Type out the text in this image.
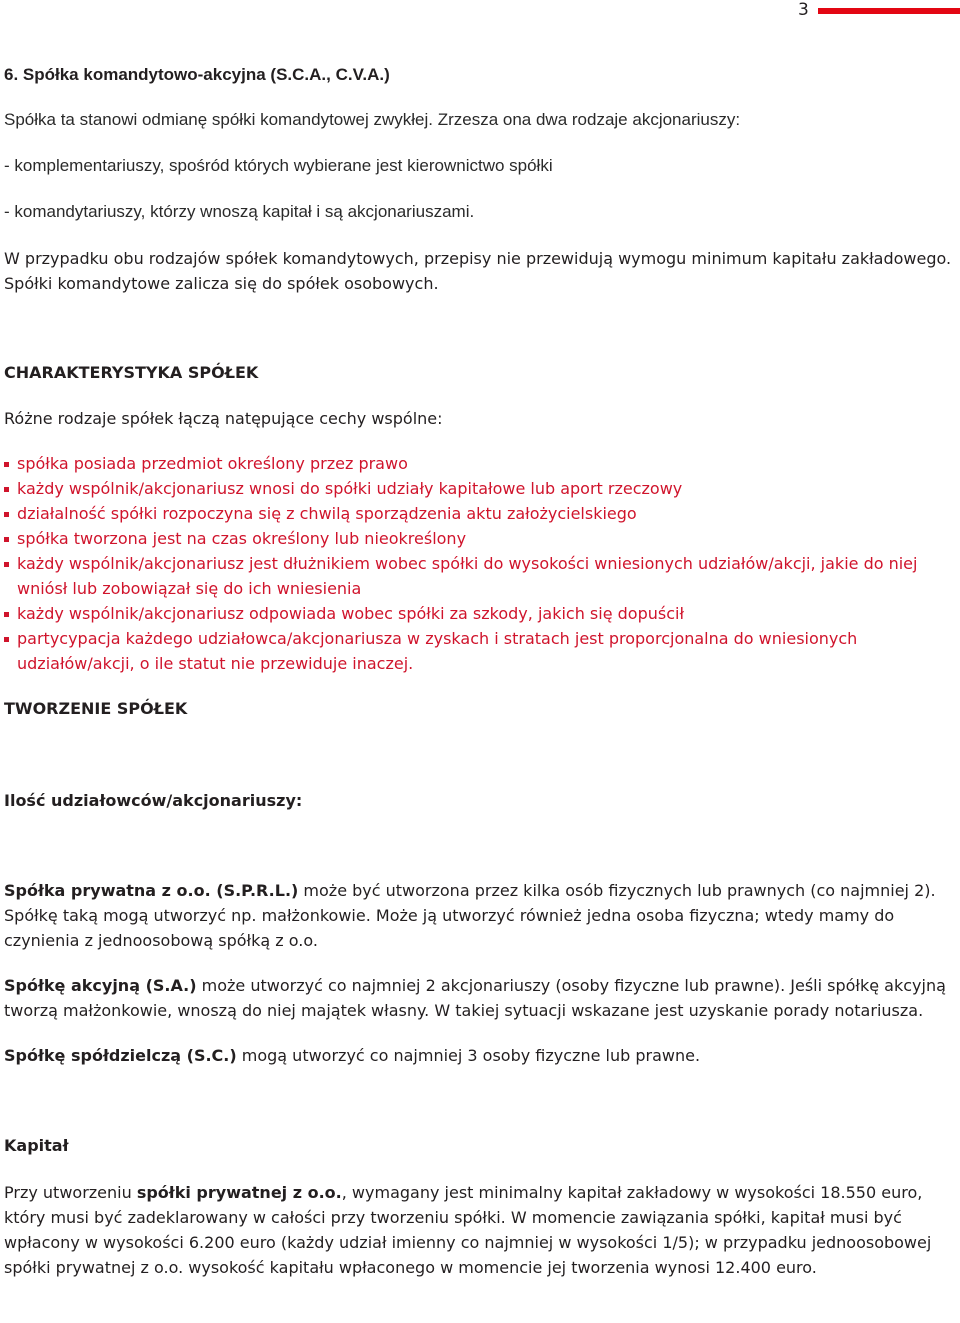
3

6. Spółka komandytowo-akcyjna (S.C.A., C.V.A.)

Spółka ta stanowi odmianę spółki komandytowej zwykłej. Zrzesza ona dwa rodzaje akcjonariuszy:

- komplementariuszy, spośród których wybierane jest kierownictwo spółki

- komandytariuszy, którzy wnoszą kapitał i są akcjonariuszami.

W przypadku obu rodzajów spółek komandytowych, przepisy nie przewidują wymogu minimum kapitału zakładowego. Spółki komandytowe zalicza się do spółek osobowych.

CHARAKTERYSTYKA SPÓŁEK

Różne rodzaje spółek łączą natępujące cechy wspólne:

spółka posiada przedmiot określony przez prawo
każdy wspólnik/akcjonariusz wnosi do spółki udziały kapitałowe lub aport rzeczowy
działalność spółki rozpoczyna się z chwilą sporządzenia aktu założycielskiego
spółka tworzona jest na czas określony lub nieokreślony
każdy wspólnik/akcjonariusz jest dłużnikiem wobec spółki do wysokości wniesionych udziałów/akcji, jakie do niej wniósł lub zobowiązał się do ich wniesienia
każdy wspólnik/akcjonariusz odpowiada wobec spółki za szkody, jakich się dopuścił
partycypacja każdego udziałowca/akcjonariusza w zyskach i stratach jest proporcjonalna do wniesionych udziałów/akcji, o ile statut nie przewiduje inaczej.

TWORZENIE SPÓŁEK

Ilość udziałowców/akcjonariuszy:

Spółka prywatna z o.o. (S.P.R.L.) może być utworzona przez kilka osób fizycznych lub prawnych (co najmniej 2). Spółkę taką mogą utworzyć np. małżonkowie. Może ją utworzyć również jedna osoba fizyczna; wtedy mamy do czynienia z jednoosobową spółką z o.o.

Spółkę akcyjną (S.A.) może utworzyć co najmniej 2 akcjonariuszy (osoby fizyczne lub prawne). Jeśli spółkę akcyjną tworzą małżonkowie, wnoszą do niej majątek własny. W takiej sytuacji wskazane jest uzyskanie porady notariusza.

Spółkę spółdzielczą (S.C.) mogą utworzyć co najmniej 3 osoby fizyczne lub prawne.

Kapitał

Przy utworzeniu spółki prywatnej z o.o., wymagany jest minimalny kapitał zakładowy w wysokości 18.550 euro, który musi być zadeklarowany w całości przy tworzeniu spółki. W momencie zawiązania spółki, kapitał musi być wpłacony w wysokości 6.200 euro (każdy udział imienny co najmniej w wysokości 1/5); w przypadku jednoosobowej spółki prywatnej z o.o. wysokość kapitału wpłaconego w momencie jej tworzenia wynosi 12.400 euro.
